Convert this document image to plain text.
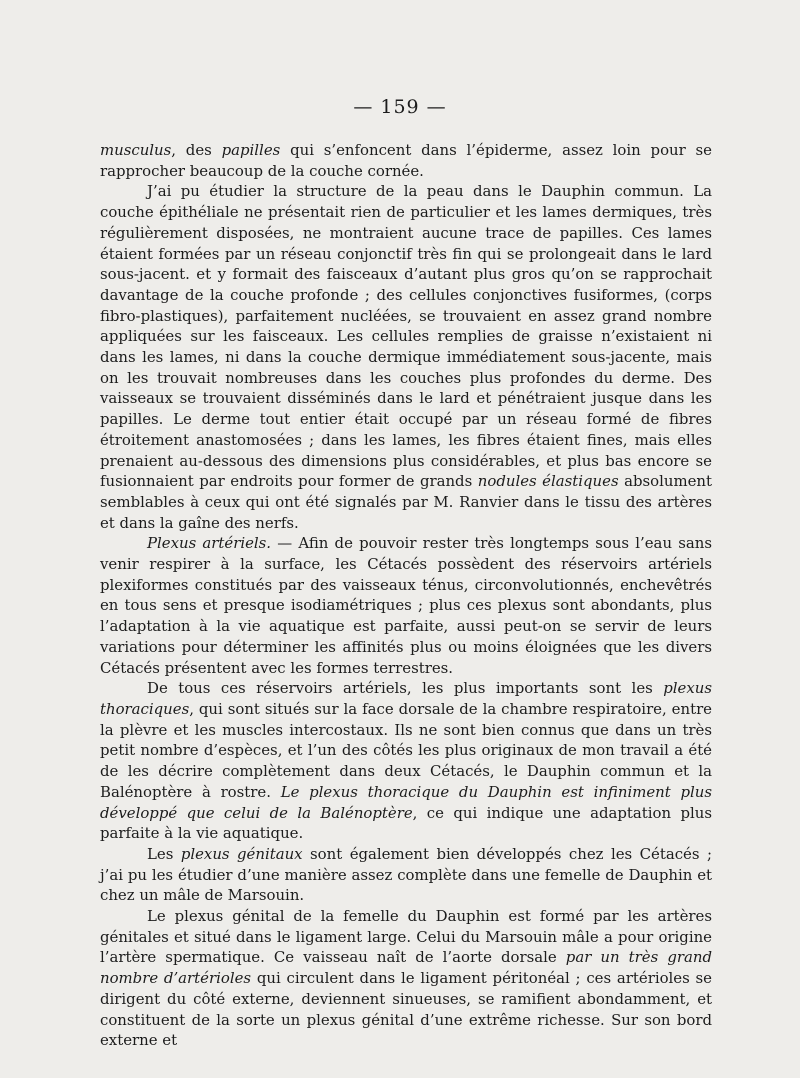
— 159 —

musculus, des papilles qui s’enfoncent dans l’épiderme, assez loin pour se rapprocher beaucoup de la couche cornée.

J’ai pu étudier la structure de la peau dans le Dauphin commun. La couche épithéliale ne présentait rien de particulier et les lames dermiques, très régulièrement disposées, ne montraient aucune trace de papilles. Ces lames étaient formées par un réseau conjonctif très fin qui se prolongeait dans le lard sous-jacent. et y formait des faisceaux d’autant plus gros qu’on se rapprochait davantage de la couche profonde ; des cellules conjonctives fusiformes, (corps fibro-plastiques), parfaitement nucléées, se trouvaient en assez grand nombre appliquées sur les faisceaux. Les cellules remplies de graisse n’existaient ni dans les lames, ni dans la couche dermique immédiatement sous-jacente, mais on les trouvait nombreuses dans les couches plus profondes du derme. Des vaisseaux se trouvaient disséminés dans le lard et pénétraient jusque dans les papilles. Le derme tout entier était occupé par un réseau formé de fibres étroitement anastomosées ; dans les lames, les fibres étaient fines, mais elles prenaient au-dessous des dimensions plus considérables, et plus bas encore se fusionnaient par endroits pour former de grands nodules élastiques absolument semblables à ceux qui ont été signalés par M. Ranvier dans le tissu des artères et dans la gaîne des nerfs.

Plexus artériels. — Afin de pouvoir rester très longtemps sous l’eau sans venir respirer à la surface, les Cétacés possèdent des réservoirs artériels plexiformes constitués par des vaisseaux ténus, circonvolutionnés, enchevêtrés en tous sens et presque isodiamétriques ; plus ces plexus sont abondants, plus l’adaptation à la vie aquatique est parfaite, aussi peut-on se servir de leurs variations pour déterminer les affinités plus ou moins éloignées que les divers Cétacés présentent avec les formes terrestres.

De tous ces réservoirs artériels, les plus importants sont les plexus thoraciques, qui sont situés sur la face dorsale de la chambre respiratoire, entre la plèvre et les muscles intercostaux. Ils ne sont bien connus que dans un très petit nombre d’espèces, et l’un des côtés les plus originaux de mon travail a été de les décrire complètement dans deux Cétacés, le Dauphin commun et la Balénoptère à rostre. Le plexus thoracique du Dauphin est infiniment plus développé que celui de la Balénoptère, ce qui indique une adaptation plus parfaite à la vie aquatique.

Les plexus génitaux sont également bien développés chez les Cétacés ; j’ai pu les étudier d’une manière assez complète dans une femelle de Dauphin et chez un mâle de Marsouin.

Le plexus génital de la femelle du Dauphin est formé par les artères génitales et situé dans le ligament large. Celui du Marsouin mâle a pour origine l’artère spermatique. Ce vaisseau naît de l’aorte dorsale par un très grand nombre d’artérioles qui circulent dans le ligament péritonéal ; ces artérioles se dirigent du côté externe, deviennent sinueuses, se ramifient abondamment, et constituent de la sorte un plexus génital d’une extrême richesse. Sur son bord externe et
